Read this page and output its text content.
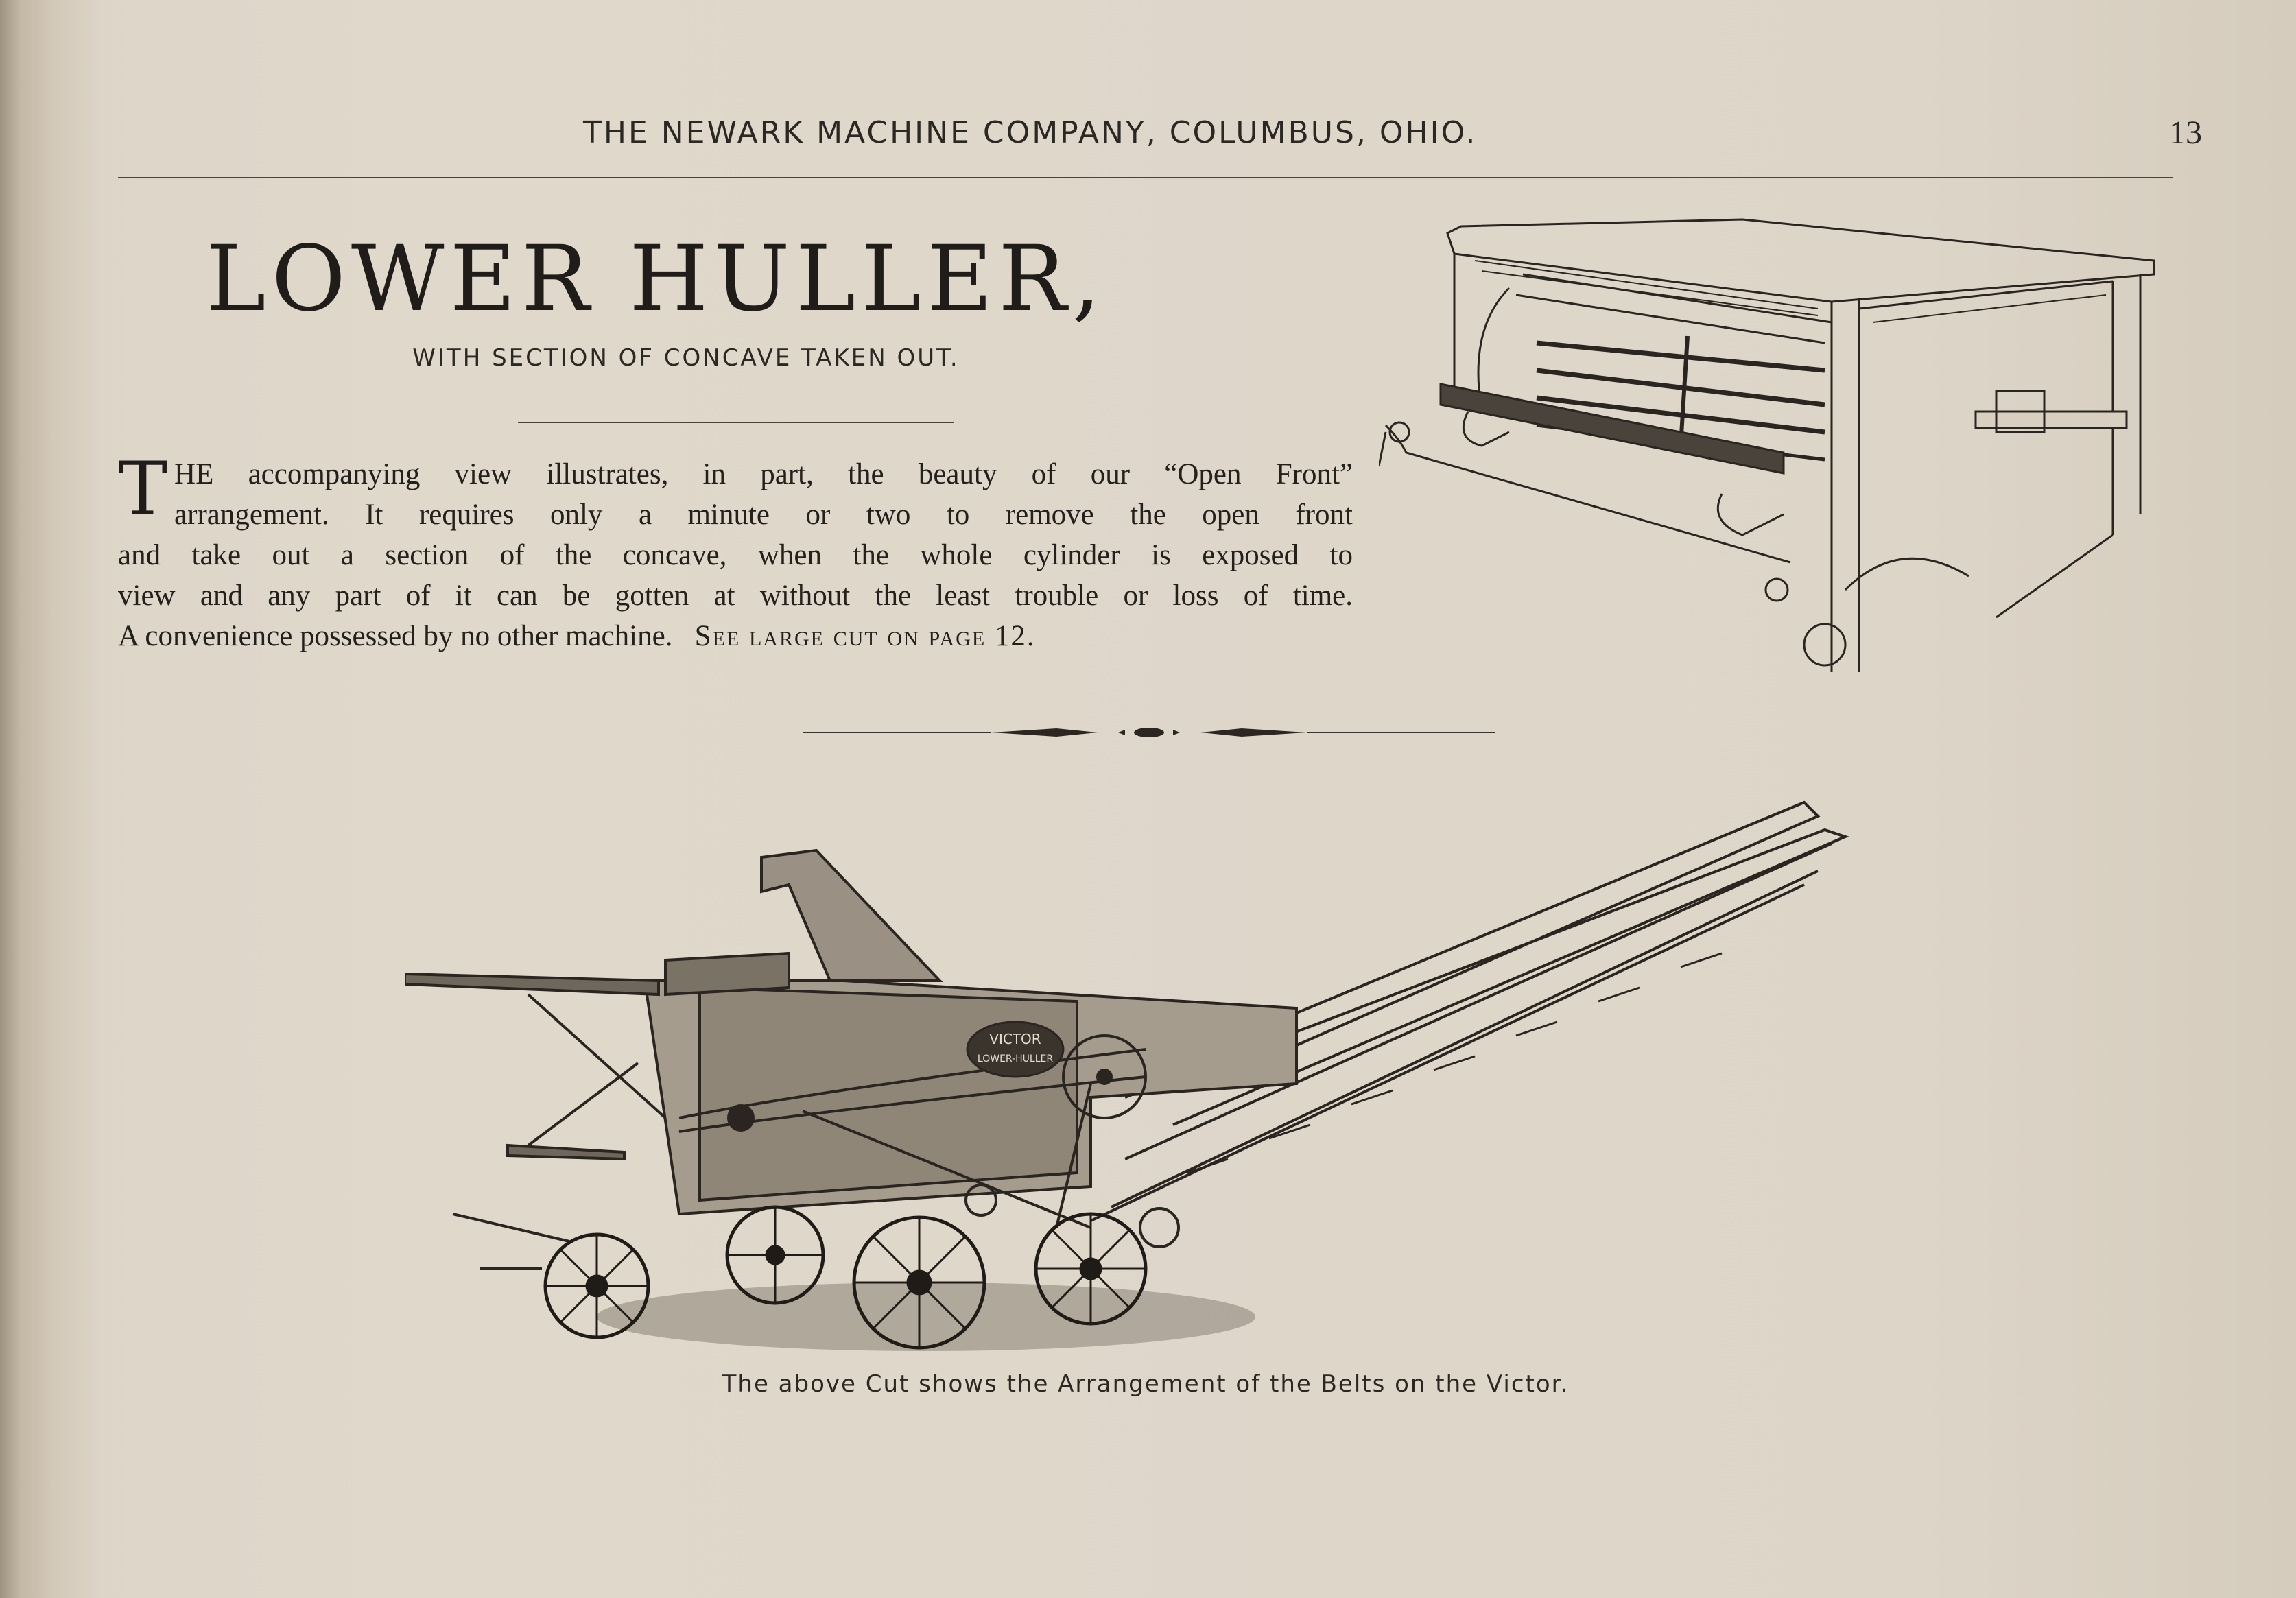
THE NEWARK MACHINE COMPANY, COLUMBUS, OHIO.	13
LOWER HULLER,
WITH SECTION OF CONCAVE TAKEN OUT.
T HE accompanying view illustrates, in part, the beauty of our “Open Front”
arrangement. It requires only a minute or two to remove the open front
and take out a section of the concave, when the whole cylinder is exposed to
view and any part of it can be gotten at without the least trouble or loss of time.
A convenience possessed by no other machine. See large cut on page 12.
VICTOR
LOWER-HULLER
The above Cut shows the Arrangement of the Belts on the Victor.
